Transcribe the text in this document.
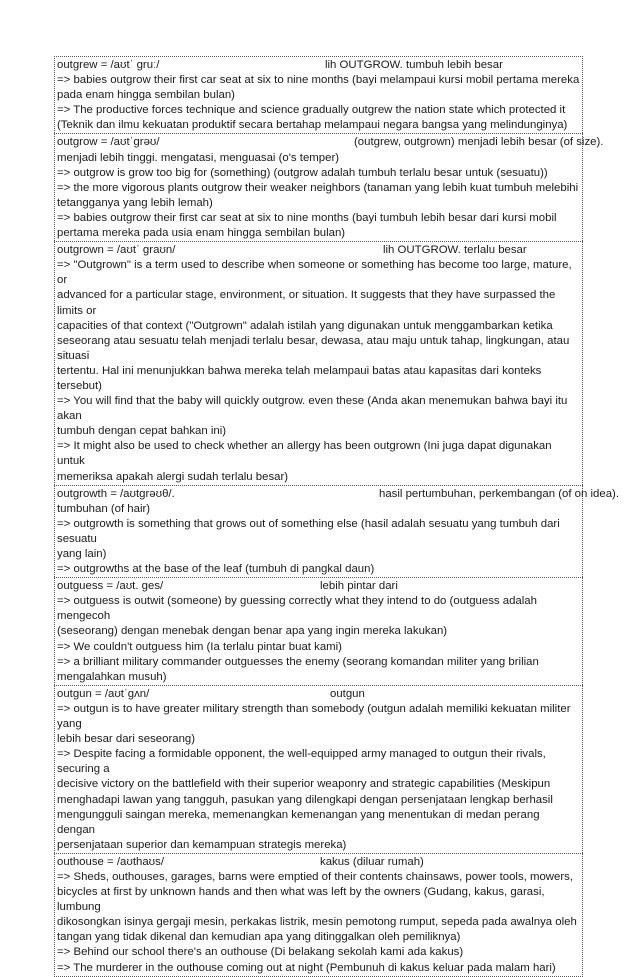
outgrew = /aʊtˈ gruː/	lih OUTGROW. tumbuh lebih besar
=> babies outgrow their first car seat at six to nine months (bayi melampaui kursi mobil pertama mereka
pada enam hingga sembilan bulan)
=> The productive forces technique and science gradually outgrew the nation state which protected it
(Teknik dan ilmu kekuatan produktif secara bertahap melampaui negara bangsa yang melindunginya)
outgrow = /aʊtˈgrəʊ/	(outgrew, outgrown) menjadi lebih besar (of size).
menjadi lebih tinggi. mengatasi, menguasai (o's temper)
=> outgrow is grow too big for (something) (outgrow adalah tumbuh terlalu besar untuk (sesuatu))
=> the more vigorous plants outgrow their weaker neighbors (tanaman yang lebih kuat tumbuh melebihi
tetangganya yang lebih lemah)
=> babies outgrow their first car seat at six to nine months (bayi tumbuh lebih besar dari kursi mobil
pertama mereka pada usia enam hingga sembilan bulan)
outgrown = /aʊtˈ graʊn/	lih OUTGROW. terlalu besar
=> "Outgrown" is a term used to describe when someone or something has become too large, mature, or
advanced for a particular stage, environment, or situation. It suggests that they have surpassed the limits or
capacities of that context ("Outgrown" adalah istilah yang digunakan untuk menggambarkan ketika
seseorang atau sesuatu telah menjadi terlalu besar, dewasa, atau maju untuk tahap, lingkungan, atau situasi
tertentu. Hal ini menunjukkan bahwa mereka telah melampaui batas atau kapasitas dari konteks tersebut)
=> You will find that the baby will quickly outgrow. even these (Anda akan menemukan bahwa bayi itu akan
tumbuh dengan cepat bahkan ini)
=> It might also be used to check whether an allergy has been outgrown (Ini juga dapat digunakan untuk
memeriksa apakah alergi sudah terlalu besar)
outgrowth = /aʊtgrəʊθ/.	hasil pertumbuhan, perkembangan (of on idea).
tumbuhan (of hair)
=> outgrowth is something that grows out of something else (hasil adalah sesuatu yang tumbuh dari sesuatu
yang lain)
=> outgrowths at the base of the leaf (tumbuh di pangkal daun)
outguess = /aʊt. ges/	lebih pintar dari
=> outguess is outwit (someone) by guessing correctly what they intend to do (outguess adalah mengecoh
(seseorang) dengan menebak dengan benar apa yang ingin mereka lakukan)
=> We couldn't outguess him (Ia terlalu pintar buat kami)
=> a brilliant military commander outguesses the enemy (seorang komandan militer yang brilian
mengalahkan musuh)
outgun = /aʊtˈgʌn/	outgun
=> outgun is to have greater military strength than somebody (outgun adalah memiliki kekuatan militer yang
lebih besar dari seseorang)
=> Despite facing a formidable opponent, the well-equipped army managed to outgun their rivals, securing a
decisive victory on the battlefield with their superior weaponry and strategic capabilities (Meskipun
menghadapi lawan yang tangguh, pasukan yang dilengkapi dengan persenjataan lengkap berhasil
mengungguli saingan mereka, memenangkan kemenangan yang menentukan di medan perang dengan
persenjataan superior dan kemampuan strategis mereka)
outhouse = /aʊthaʊs/	kakus (diluar rumah)
=> Sheds, outhouses, garages, barns were emptied of their contents chainsaws, power tools, mowers,
bicycles at first by unknown hands and then what was left by the owners (Gudang, kakus, garasi, lumbung
dikosongkan isinya gergaji mesin, perkakas listrik, mesin pemotong rumput, sepeda pada awalnya oleh
tangan yang tidak dikenal dan kemudian apa yang ditinggalkan oleh pemiliknya)
=> Behind our school there's an outhouse (Di belakang sekolah kami ada kakus)
=> The murderer in the outhouse coming out at night (Pembunuh di kakus keluar pada malam hari)
